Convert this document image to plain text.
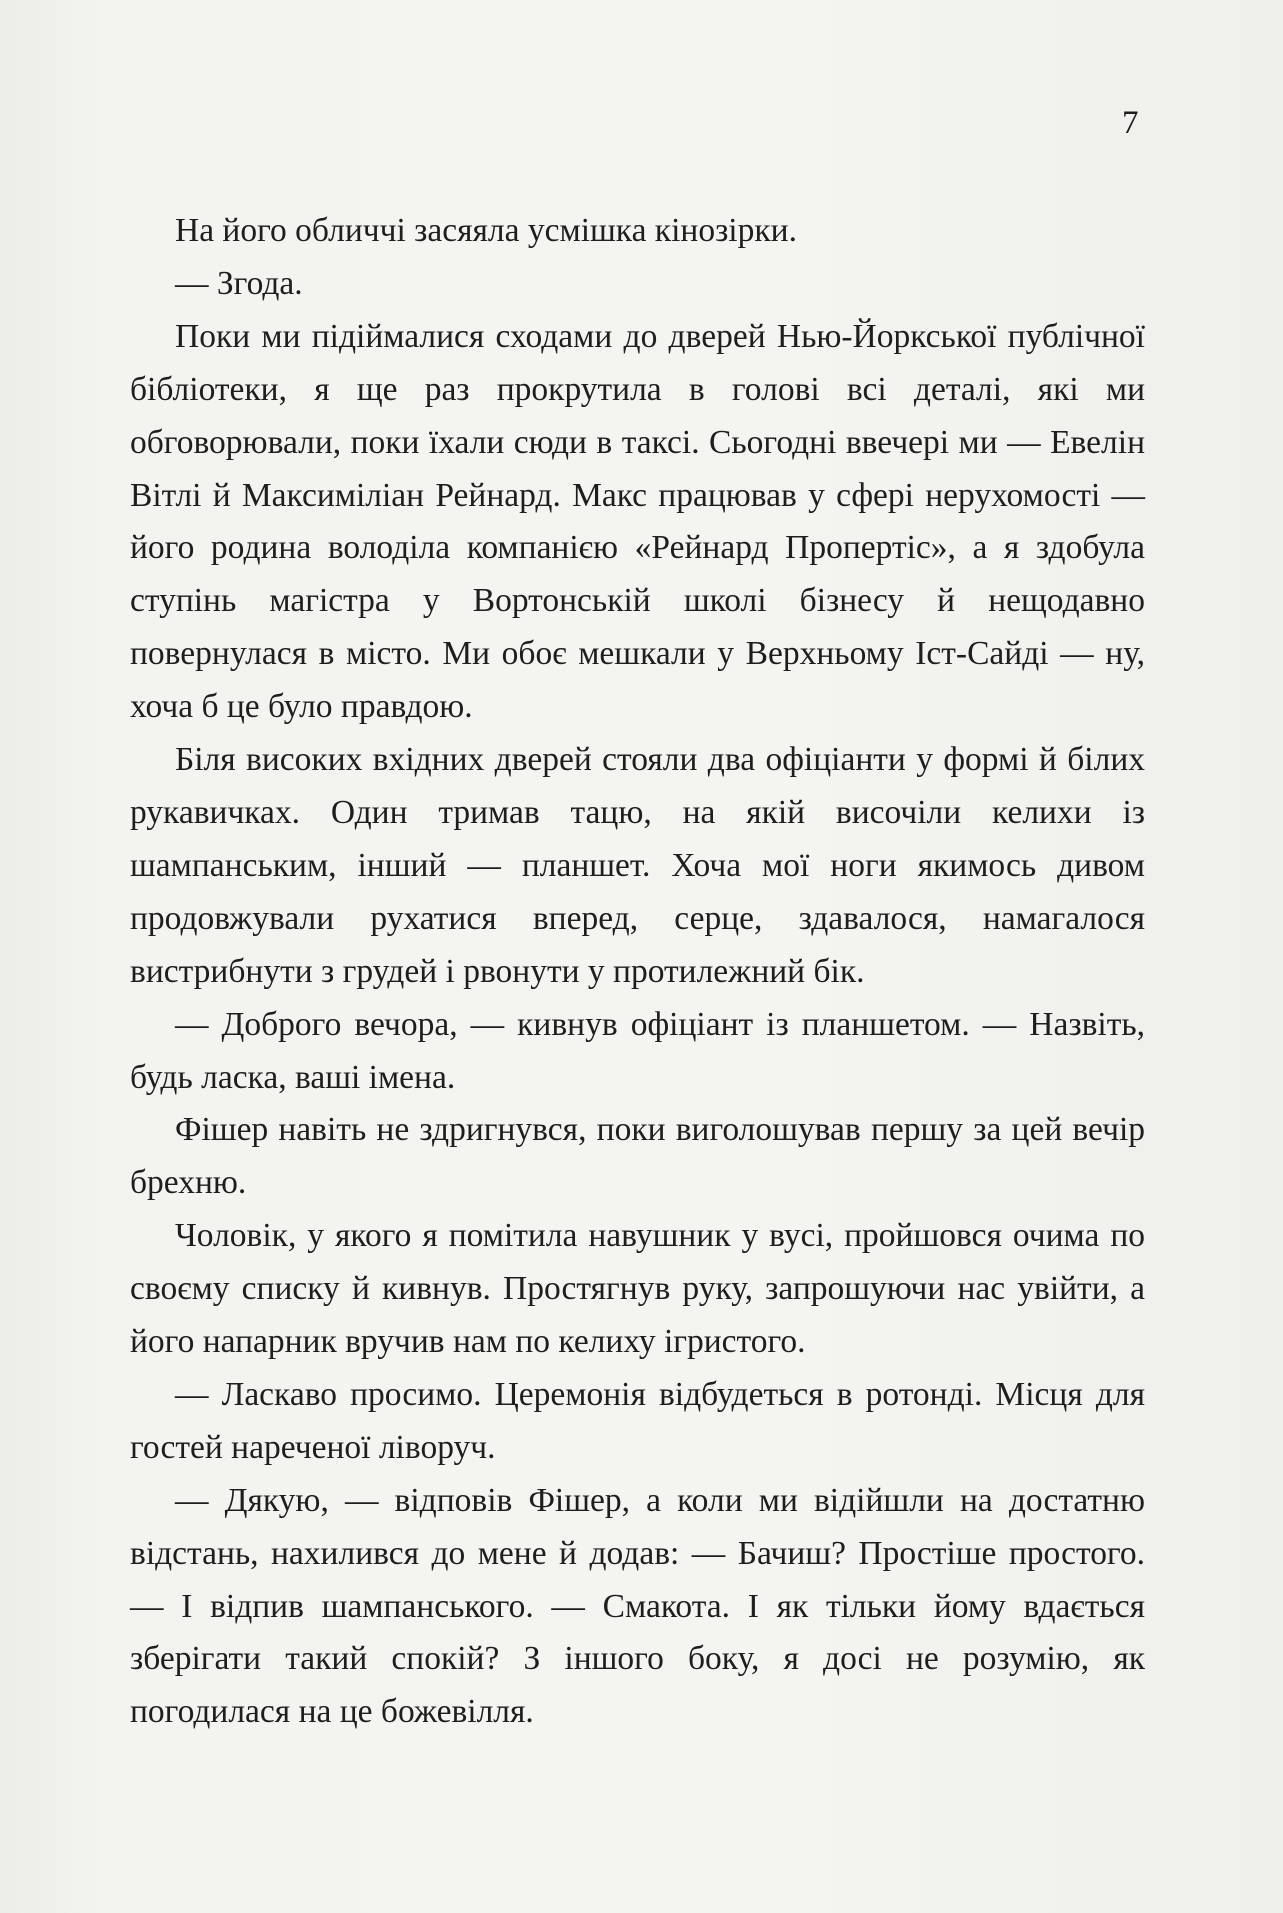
7

На його обличчі засяяла усмішка кінозірки.

— Згода.

Поки ми підіймалися сходами до дверей Нью-Йоркської публічної бібліотеки, я ще раз прокрутила в голові всі деталі, які ми обговорювали, поки їхали сюди в таксі. Сьогодні ввечері ми — Евелін Вітлі й Максиміліан Рейнард. Макс працював у сфері нерухомості — його родина володіла компанією «Рейнард Пропертіс», а я здобула ступінь магістра у Вортонській школі бізнесу й нещодавно повернулася в місто. Ми обоє мешкали у Верхньому Іст-Сайді — ну, хоча б це було правдою.

Біля високих вхідних дверей стояли два офіціанти у формі й білих рукавичках. Один тримав тацю, на якій височіли келихи із шампанським, інший — планшет. Хоча мої ноги якимось дивом продовжували рухатися вперед, серце, здавалося, намагалося вистрибнути з грудей і рвонути у протилежний бік.

— Доброго вечора, — кивнув офіціант із планшетом. — Назвіть, будь ласка, ваші імена.

Фішер навіть не здригнувся, поки виголошував першу за цей вечір брехню.

Чоловік, у якого я помітила навушник у вусі, пройшовся очима по своєму списку й кивнув. Простягнув руку, запрошуючи нас увійти, а його напарник вручив нам по келиху ігристого.

— Ласкаво просимо. Церемонія відбудеться в ротонді. Місця для гостей нареченої ліворуч.

— Дякую, — відповів Фішер, а коли ми відійшли на достатню відстань, нахилився до мене й додав: — Бачиш? Простіше простого. — І відпив шампанського. — Смакота. І як тільки йому вдається зберігати такий спокій? З іншого боку, я досі не розумію, як погодилася на це божевілля.
